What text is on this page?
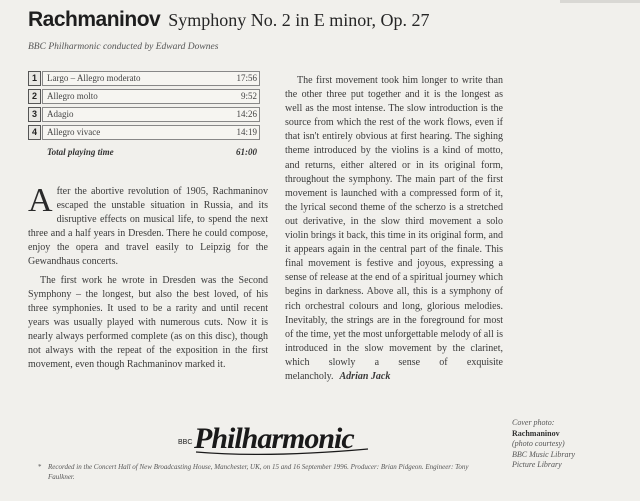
Rachmaninov Symphony No. 2 in E minor, Op. 27
BBC Philharmonic conducted by Edward Downes
1	Largo – Allegro moderato	17:56
2	Allegro molto	9:52
3	Adagio	14:26
4	Allegro vivace	14:19
Total playing time	61:00

After the abortive revolution of 1905, Rachmaninov escaped the unstable situation in Russia, and its disruptive effects on musical life, to spend the next three and a half years in Dresden. There he could compose, enjoy the opera and travel easily to Leipzig for the Gewandhaus concerts.

The first work he wrote in Dresden was the Second Symphony – the longest, but also the best loved, of his three symphonies. It used to be a rarity and until recent years was usually played with numerous cuts. Now it is nearly always performed complete (as on this disc), though not always with the repeat of the exposition in the first movement, even though Rachmaninov marked it.

The first movement took him longer to write than the other three put together and it is the longest as well as the most intense. The slow introduction is the source from which the rest of the work flows, even if that isn't entirely obvious at first hearing. The sighing theme introduced by the violins is a kind of motto, and returns, either altered or in its original form, throughout the symphony. The main part of the first movement is launched with a compressed form of it, the lyrical second theme of the scherzo is a stretched out derivative, in the slow third movement a solo violin brings it back, this time in its original form, and it appears again in the central part of the finale. This final movement is festive and joyous, expressing a sense of release at the end of a spiritual journey which begins in darkness. Above all, this is a symphony of rich orchestral colours and long, glorious melodies. Inevitably, the strings are in the foreground for most of the time, yet the most unforgettable melody of all is introduced in the slow movement by the clarinet, which slowly a sense of exquisite melancholy. Adrian Jack

BBC Philharmonic	Cover photo:
Rachmaninov
(photo courtesy)
BBC Music Library
Picture Library
* Recorded in the Concert Hall of New Broadcasting House, Manchester, UK, on 15 and 16 September 1996. Producer: Brian Pidgeon. Engineer: Tony Faulkner.
